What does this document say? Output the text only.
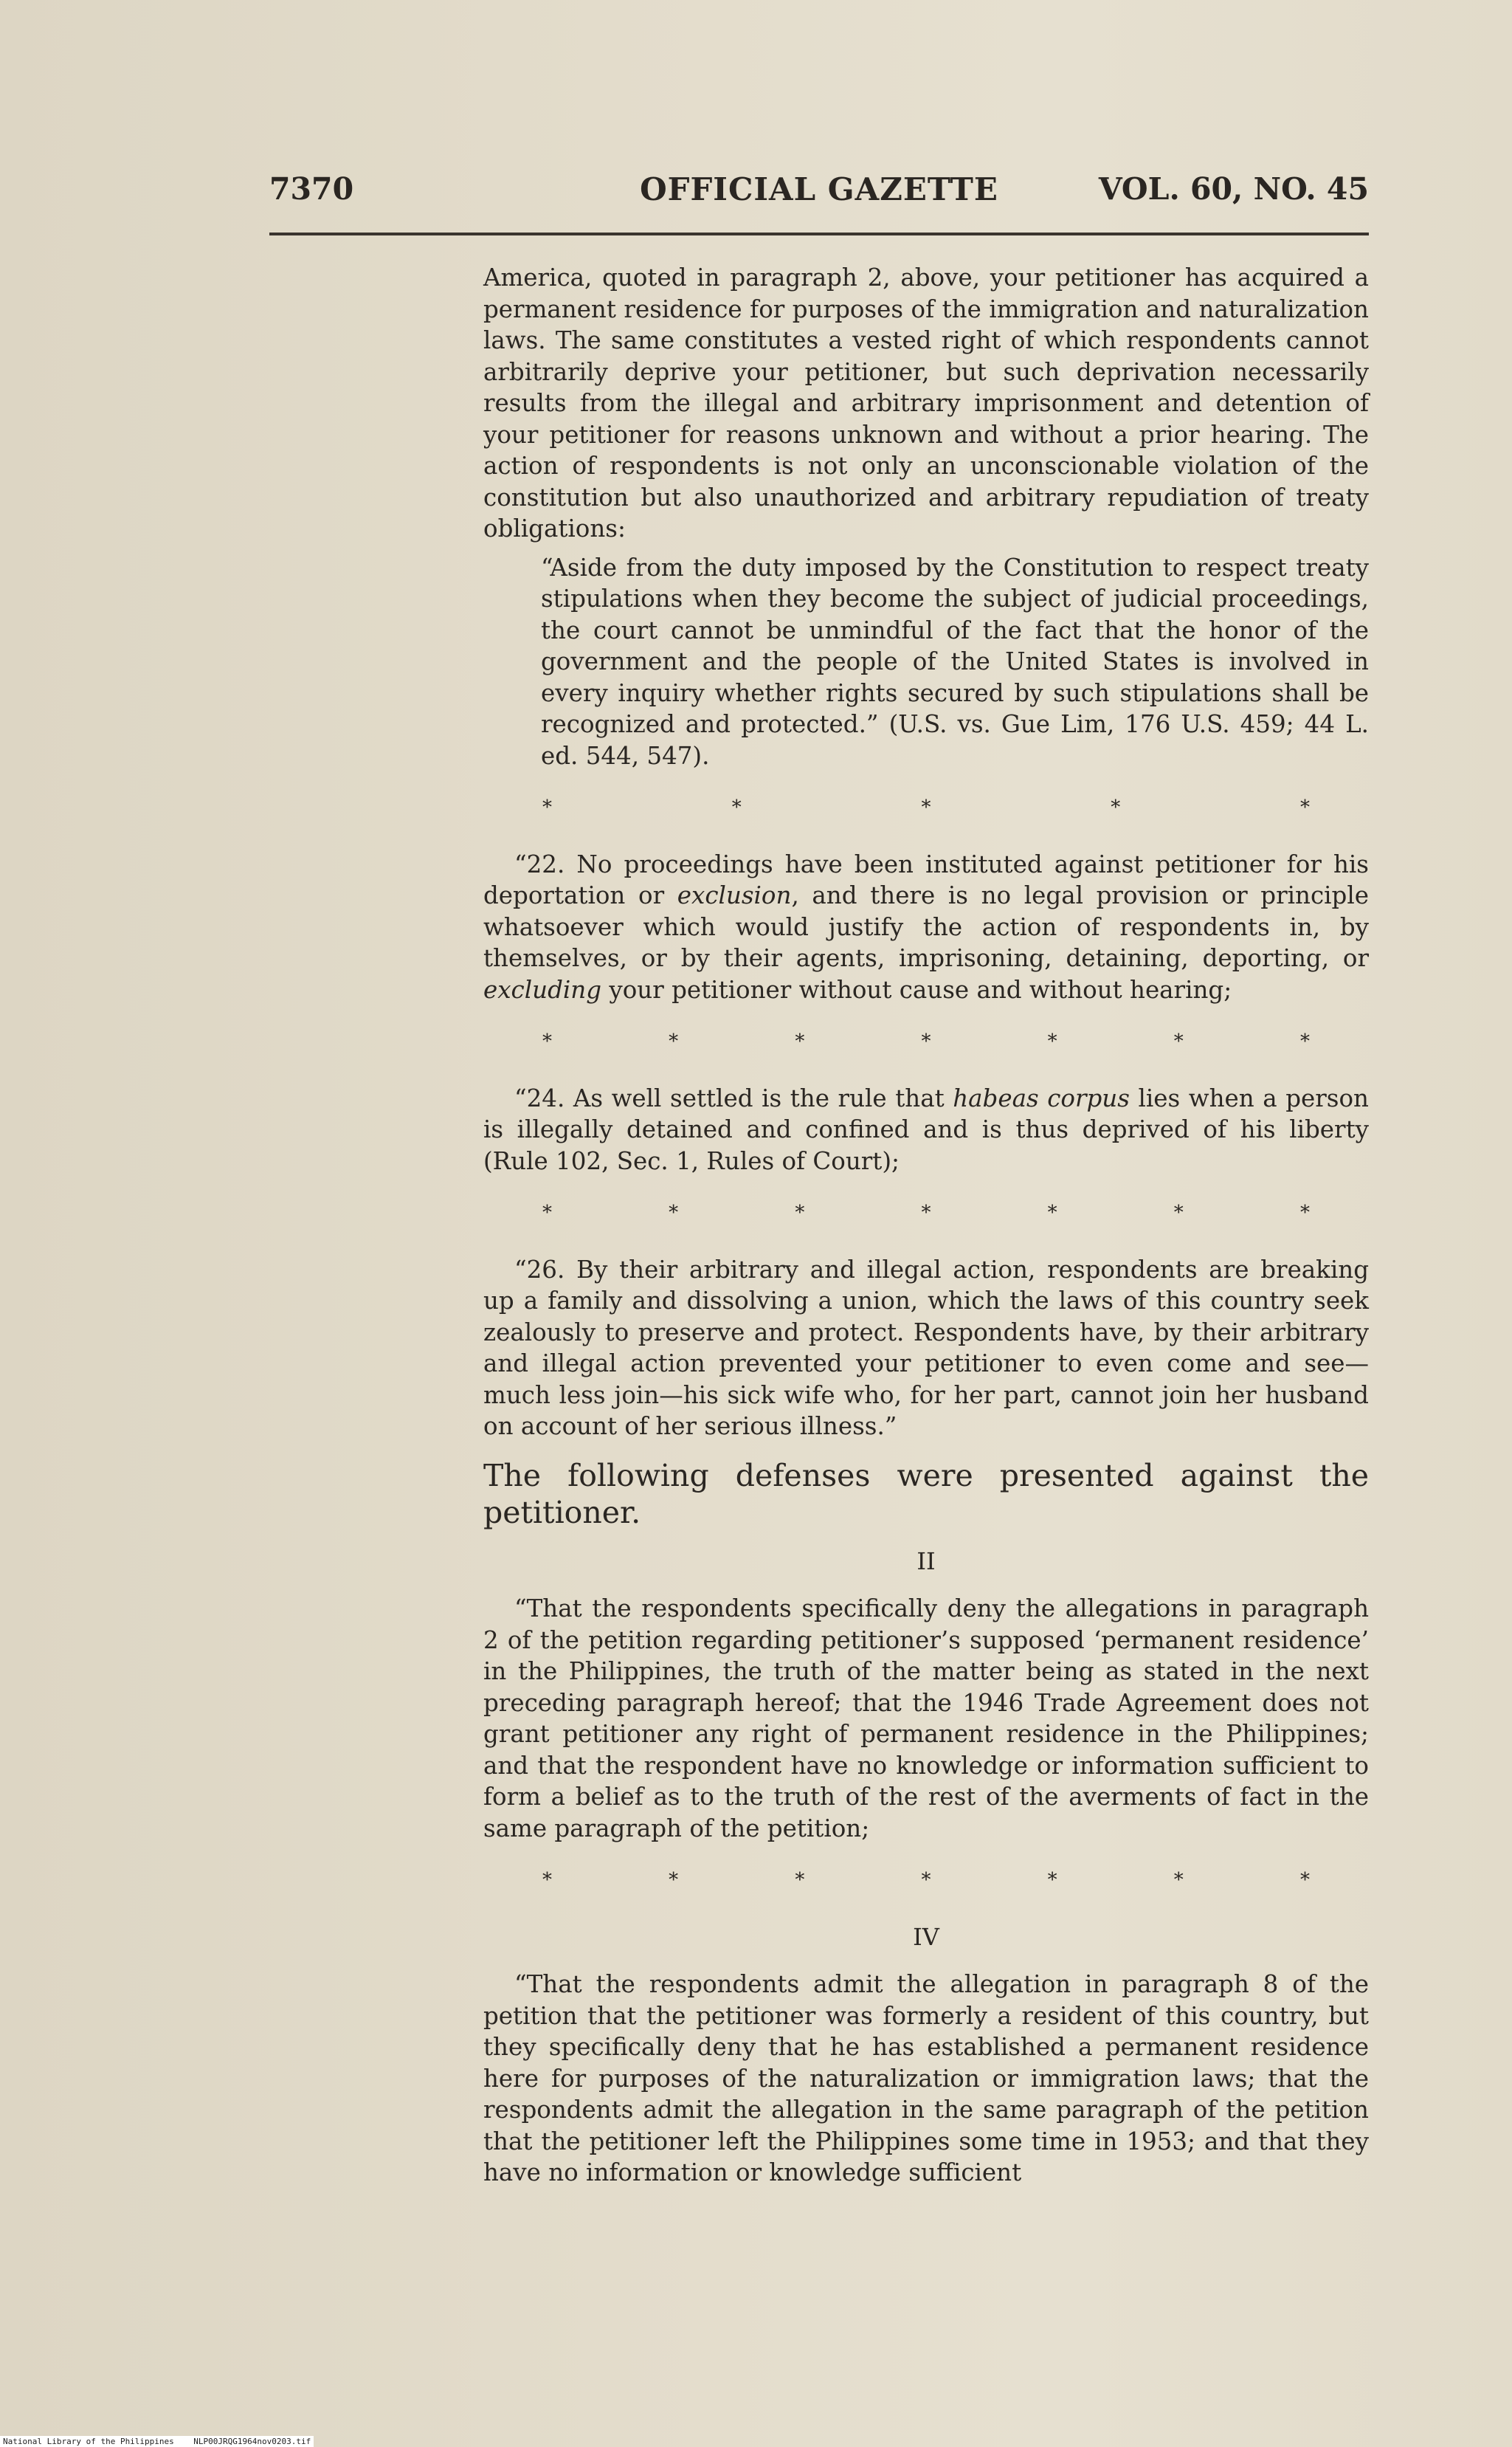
7370	OFFICIAL GAZETTE	VOL. 60, NO. 45

America, quoted in paragraph 2, above, your petitioner has acquired a permanent residence for purposes of the immigration and naturalization laws. The same constitutes a vested right of which respondents cannot arbitrarily deprive your petitioner, but such deprivation necessarily results from the illegal and arbitrary imprisonment and detention of your petitioner for reasons unknown and without a prior hearing. The action of respondents is not only an unconscionable violation of the constitution but also unauthorized and arbitrary repudiation of treaty obligations:

“Aside from the duty imposed by the Constitution to respect treaty stipulations when they become the subject of judicial proceedings, the court cannot be unmindful of the fact that the honor of the government and the people of the United States is involved in every inquiry whether rights secured by such stipulations shall be recognized and protected.” (U.S. vs. Gue Lim, 176 U.S. 459; 44 L. ed. 544, 547).

*	*	*	*	*

“22. No proceedings have been instituted against petitioner for his deportation or exclusion, and there is no legal provision or principle whatsoever which would justify the action of respondents in, by themselves, or by their agents, imprisoning, detaining, deporting, or excluding your petitioner without cause and without hearing;

*	*	*	*	*	*	*

“24. As well settled is the rule that habeas corpus lies when a person is illegally detained and confined and is thus deprived of his liberty (Rule 102, Sec. 1, Rules of Court);

*	*	*	*	*	*	*

“26. By their arbitrary and illegal action, respondents are breaking up a family and dissolving a union, which the laws of this country seek zealously to preserve and protect. Respondents have, by their arbitrary and illegal action prevented your petitioner to even come and see—much less join—his sick wife who, for her part, cannot join her husband on account of her serious illness.”

The following defenses were presented against the petitioner.

II

“That the respondents specifically deny the allegations in paragraph 2 of the petition regarding petitioner’s supposed ‘permanent residence’ in the Philippines, the truth of the matter being as stated in the next preceding paragraph hereof; that the 1946 Trade Agreement does not grant petitioner any right of permanent residence in the Philippines; and that the respondent have no knowledge or information sufficient to form a belief as to the truth of the rest of the averments of fact in the same paragraph of the petition;

*	*	*	*	*	*	*

IV

“That the respondents admit the allegation in paragraph 8 of the petition that the petitioner was formerly a resident of this country, but they specifically deny that he has established a permanent residence here for purposes of the naturalization or immigration laws; that the respondents admit the allegation in the same paragraph of the petition that the petitioner left the Philippines some time in 1953; and that they have no information or knowledge sufficient

National Library of the Philippines    NLP00JRQG1964nov0203.tif
